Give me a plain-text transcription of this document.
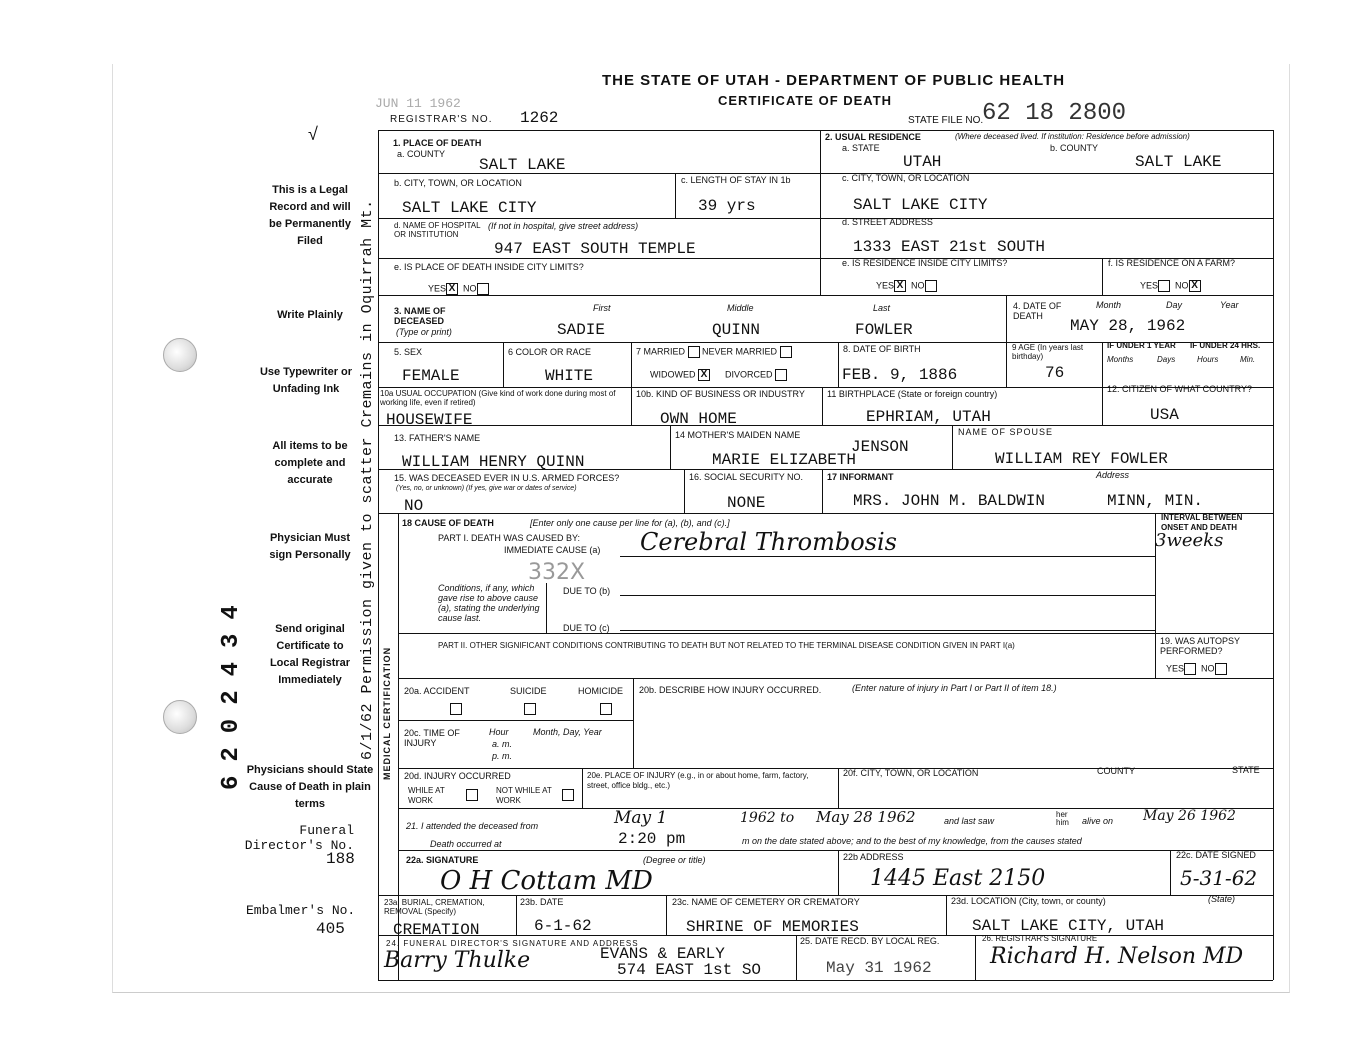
THE STATE OF UTAH - DEPARTMENT OF PUBLIC HEALTH
CERTIFICATE OF DEATH
JUN 11 1962
REGISTRAR'S NO. 1262	STATE FILE NO.
62 18 2800
√
This is a Legal Record and will be Permanently Filed
Write Plainly
Use Typewriter or Unfading Ink
All items to be complete and accurate
Physician Must sign Personally
Send original Certificate to Local Registrar Immediately
Physicians should State Cause of Death in plain terms
Funeral Director's No.
188
Embalmer's No.
405
6202434	6/1/62 Permission given to scatter Cremains in Oquirrah Mt. MEDICAL CERTIFICATION
1. PLACE OF DEATH
a. COUNTY
SALT LAKE
2. USUAL RESIDENCE	(Where deceased lived. If institution: Residence before admission)
a. STATE	b. COUNTY
UTAH	SALT LAKE
b. CITY, TOWN, OR LOCATION
SALT LAKE CITY
c. LENGTH OF STAY IN 1b
39 yrs
c. CITY, TOWN, OR LOCATION
SALT LAKE CITY
d. NAME OF HOSPITAL OR INSTITUTION
(If not in hospital, give street address)
947 EAST SOUTH TEMPLE
d. STREET ADDRESS
1333 EAST 21st SOUTH
e. IS PLACE OF DEATH INSIDE CITY LIMITS?
YES X NO
e. IS RESIDENCE INSIDE CITY LIMITS?
YES X NO
f. IS RESIDENCE ON A FARM?
YES NO X
3. NAME OF DECEASED
(Type or print)
First	Middle	Last
SADIE	QUINN	FOWLER
4. DATE OF DEATH
Month	Day	Year
MAY 28, 1962
5. SEX
FEMALE
6 COLOR OR RACE
WHITE
7 MARRIED NEVER MARRIED
WIDOWED X DIVORCED
8. DATE OF BIRTH
FEB. 9, 1886
9 AGE (In years last birthday)
76
IF UNDER 1 YEAR IF UNDER 24 HRS.
Months	Days	Hours	Min.
10a USUAL OCCUPATION (Give kind of work done during most of working life, even if retired)
HOUSEWIFE
10b. KIND OF BUSINESS OR INDUSTRY
OWN HOME
11 BIRTHPLACE (State or foreign country)
EPHRIAM, UTAH
12. CITIZEN OF WHAT COUNTRY?
USA
13. FATHER'S NAME
WILLIAM HENRY QUINN
14 MOTHER'S MAIDEN NAME
JENSON
MARIE ELIZABETH
NAME OF SPOUSE
WILLIAM REY FOWLER
15. WAS DECEASED EVER IN U.S. ARMED FORCES?
(Yes, no, or unknown) (If yes, give war or dates of service)
NO
16. SOCIAL SECURITY NO.
NONE
17 INFORMANT	Address
MRS. JOHN M. BALDWIN	MINN, MIN.
18 CAUSE OF DEATH	[Enter only one cause per line for (a), (b), and (c).]
INTERVAL BETWEEN ONSET AND DEATH
PART I. DEATH WAS CAUSED BY:
IMMEDIATE CAUSE (a) Cerebral Thrombosis	3weeks
332X
Conditions, if any, which gave rise to above cause (a), stating the underlying cause last.
DUE TO (b)
DUE TO (c)
PART II. OTHER SIGNIFICANT CONDITIONS CONTRIBUTING TO DEATH BUT NOT RELATED TO THE TERMINAL DISEASE CONDITION GIVEN IN PART I(a)	19. WAS AUTOPSY PERFORMED?
YES NO
20a. ACCIDENT	SUICIDE	HOMICIDE 20b. DESCRIBE HOW INJURY OCCURRED.	(Enter nature of injury in Part I or Part II of item 18.)
20c. TIME OF INJURY
Hour	Month, Day, Year
a. m.
p. m.
20d. INJURY OCCURRED
WHILE AT WORK
NOT WHILE AT WORK
20e. PLACE OF INJURY (e.g., in or about home, farm, factory, street, office bldg., etc.)
20f. CITY, TOWN, OR LOCATION	COUNTY	STATE
21. I attended the deceased from	May 1	1962 to May 28 1962	and last saw
her him	alive on May 26 1962
Death occurred at	2:20 pm	m on the date stated above; and to the best of my knowledge, from the causes stated
22a. SIGNATURE	(Degree or title)
O H Cottam MD
22b ADDRESS
1445 East 2150
22c. DATE SIGNED
5-31-62
23a. BURIAL, CREMATION, REMOVAL (Specify)
CREMATION
23b. DATE
6-1-62
23c. NAME OF CEMETERY OR CREMATORY
SHRINE OF MEMORIES
23d. LOCATION (City, town, or county)	(State)
SALT LAKE CITY, UTAH
24. FUNERAL DIRECTOR'S SIGNATURE AND ADDRESS
Barry Thulke	EVANS & EARLY
574 EAST 1st SO
25. DATE RECD. BY LOCAL REG.
May 31 1962
26. REGISTRAR'S SIGNATURE
Richard H. Nelson MD
